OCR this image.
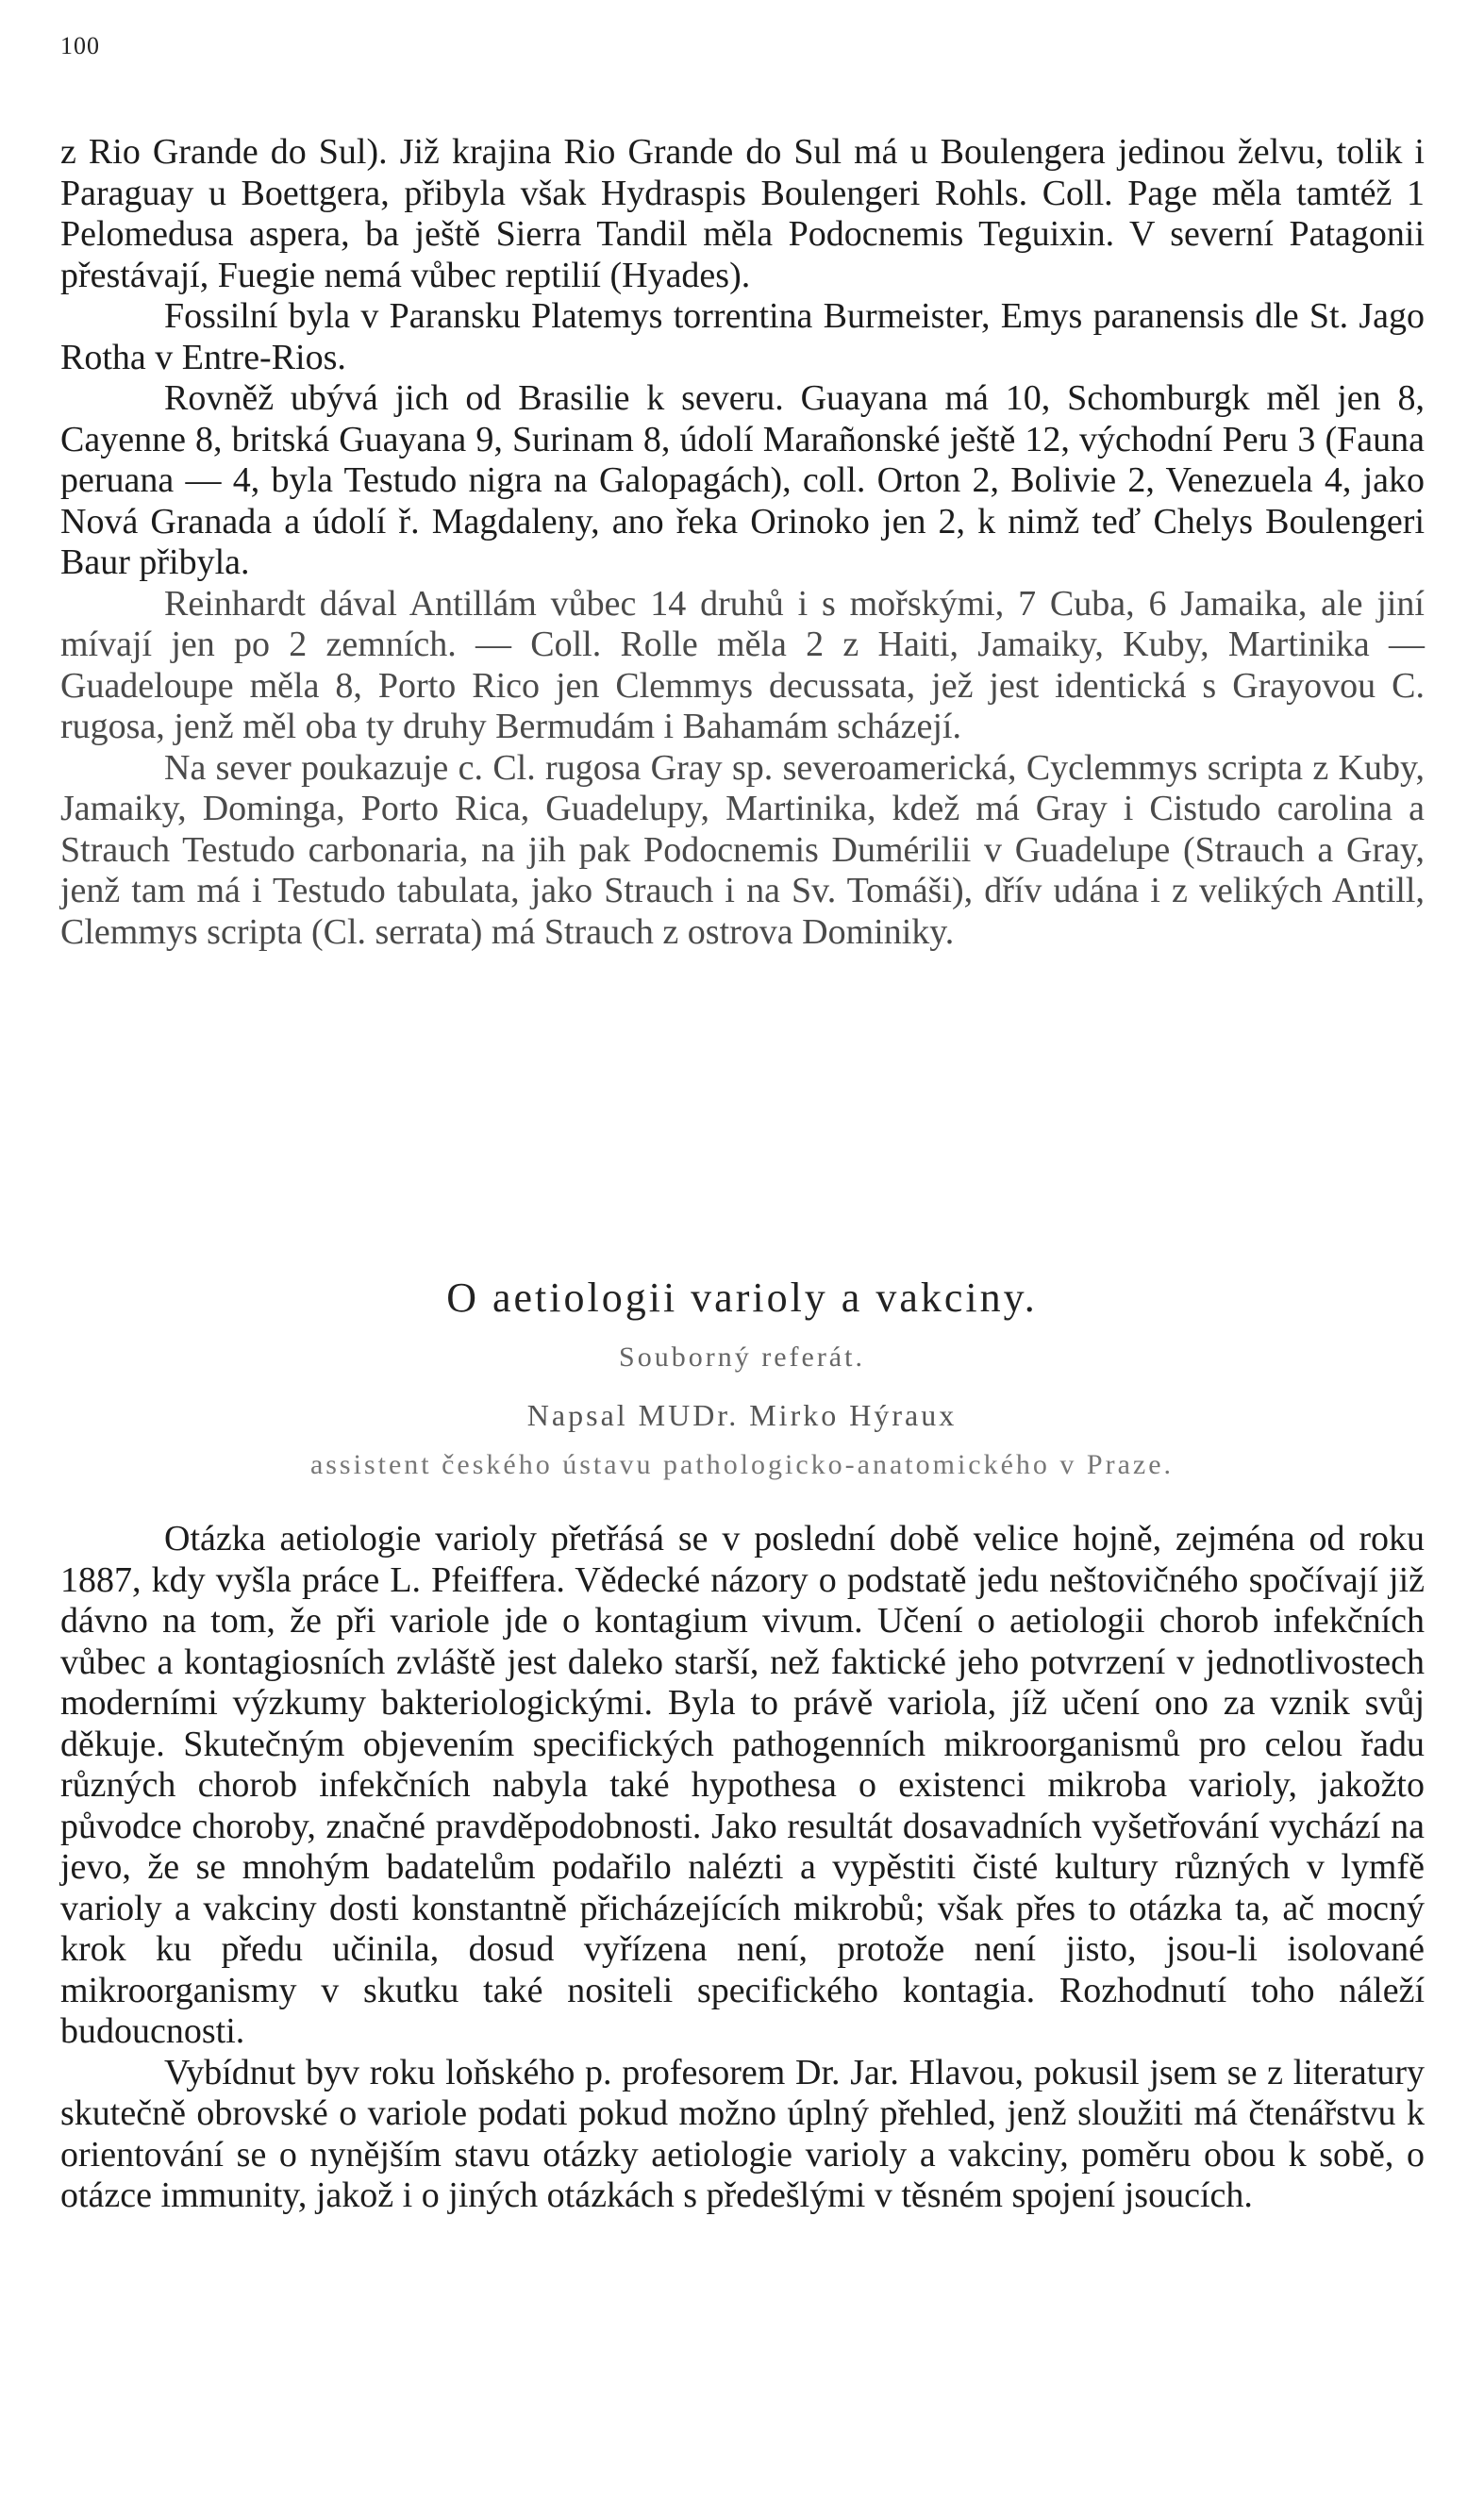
100

z Rio Grande do Sul). Již krajina Rio Grande do Sul má u Boulengera jedinou želvu, tolik i Paraguay u Boettgera, přibyla však Hydraspis Boulengeri Rohls. Coll. Page měla tamtéž 1 Pelomedusa aspera, ba ještě Sierra Tandil měla Podocnemis Teguixin. V severní Patagonii přestávají, Fuegie nemá vůbec reptilií (Hyades).

Fossilní byla v Paransku Platemys torrentina Burmeister, Emys paranensis dle St. Jago Rotha v Entre-Rios.

Rovněž ubývá jich od Brasilie k severu. Guayana má 10, Schomburgk měl jen 8, Cayenne 8, britská Guayana 9, Surinam 8, údolí Marañonské ještě 12, východní Peru 3 (Fauna peruana — 4, byla Testudo nigra na Galopagách), coll. Orton 2, Bolivie 2, Venezuela 4, jako Nová Granada a údolí ř. Magdaleny, ano řeka Orinoko jen 2, k nimž teď Chelys Boulengeri Baur přibyla.

Reinhardt dával Antillám vůbec 14 druhů i s mořskými, 7 Cuba, 6 Jamaika, ale jiní mívají jen po 2 zemních. — Coll. Rolle měla 2 z Haiti, Jamaiky, Kuby, Martinika — Guadeloupe měla 8, Porto Rico jen Clemmys decussata, jež jest identická s Grayovou C. rugosa, jenž měl oba ty druhy Bermudám i Bahamám scházejí.

Na sever poukazuje c. Cl. rugosa Gray sp. severoamerická, Cyclemmys scripta z Kuby, Jamaiky, Dominga, Porto Rica, Guadelupy, Martinika, kdež má Gray i Cistudo carolina a Strauch Testudo carbonaria, na jih pak Podocnemis Dumérilii v Guadelupe (Strauch a Gray, jenž tam má i Testudo tabulata, jako Strauch i na Sv. Tomáši), dřív udána i z velikých Antill, Clemmys scripta (Cl. serrata) má Strauch z ostrova Dominiky.

O aetiologii varioly a vakciny.
Souborný referát.
Napsal MUDr. Mirko Hýraux
assistent českého ústavu pathologicko-anatomického v Praze.

Otázka aetiologie varioly přetřásá se v poslední době velice hojně, zejména od roku 1887, kdy vyšla práce L. Pfeiffera. Vědecké názory o podstatě jedu neštovičného spočívají již dávno na tom, že při variole jde o kontagium vivum. Učení o aetiologii chorob infekčních vůbec a kontagiosních zvláště jest daleko starší, než faktické jeho potvrzení v jednotlivostech moderními výzkumy bakteriologickými. Byla to právě variola, jíž učení ono za vznik svůj děkuje. Skutečným objevením specifických pathogenních mikroorganismů pro celou řadu různých chorob infekčních nabyla také hypothesa o existenci mikroba varioly, jakožto původce choroby, značné pravděpodobnosti. Jako resultát dosavadních vyšetřování vychází na jevo, že se mnohým badatelům podařilo nalézti a vypěstiti čisté kultury různých v lymfě varioly a vakciny dosti konstantně přicházejících mikrobů; však přes to otázka ta, ač mocný krok ku předu učinila, dosud vyřízena není, protože není jisto, jsou-li isolované mikroorganismy v skutku také nositeli specifického kontagia. Rozhodnutí toho náleží budoucnosti.

Vybídnut byv roku loňského p. profesorem Dr. Jar. Hlavou, pokusil jsem se z literatury skutečně obrovské o variole podati pokud možno úplný přehled, jenž sloužiti má čtenářstvu k orientování se o nynějším stavu otázky aetiologie varioly a vakciny, poměru obou k sobě, o otázce immunity, jakož i o jiných otázkách s předešlými v těsném spojení jsoucích.
